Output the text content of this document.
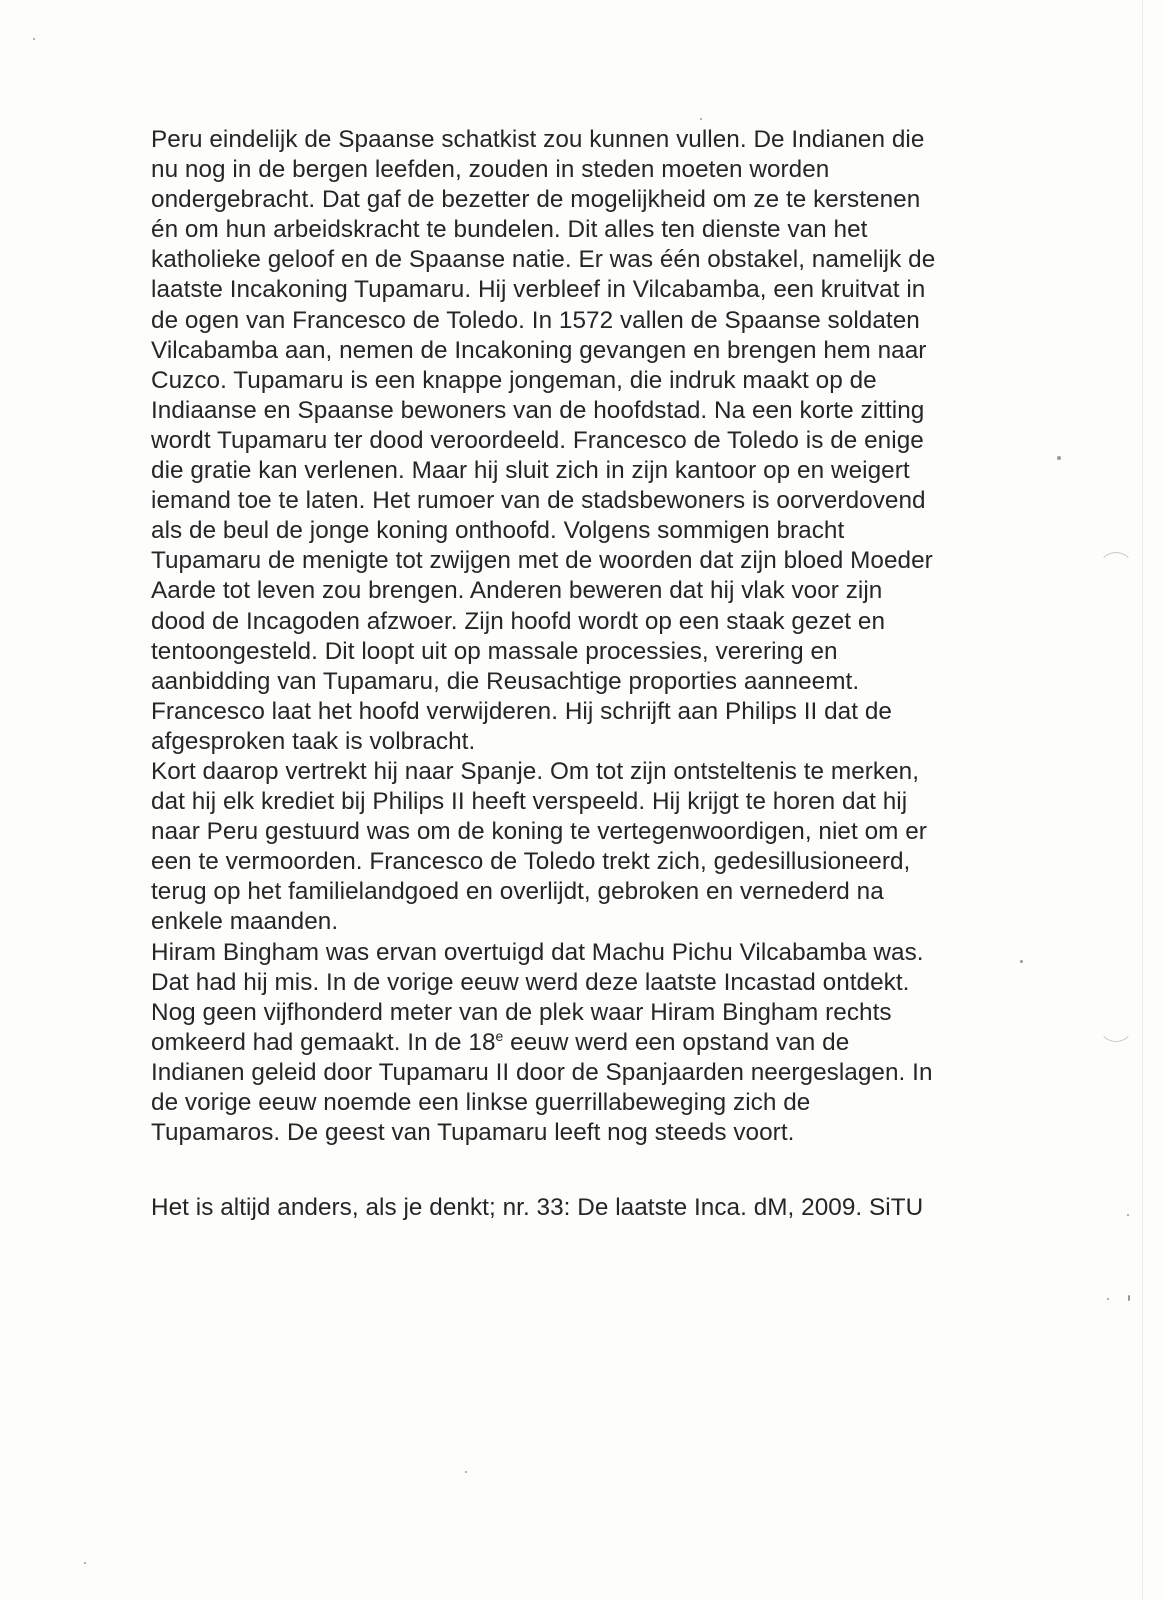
Peru eindelijk de Spaanse schatkist zou kunnen vullen. De Indianen die
nu nog in de bergen leefden, zouden in steden moeten worden
ondergebracht. Dat gaf de bezetter de mogelijkheid om ze te kerstenen
én om hun arbeidskracht te bundelen. Dit alles ten dienste van het
katholieke geloof en de Spaanse natie. Er was één obstakel, namelijk de
laatste Incakoning Tupamaru. Hij verbleef in Vilcabamba, een kruitvat in
de ogen van Francesco de Toledo. In 1572 vallen de Spaanse soldaten
Vilcabamba aan, nemen de Incakoning gevangen en brengen hem naar
Cuzco. Tupamaru is een knappe jongeman, die indruk maakt op de
Indiaanse en Spaanse bewoners van de hoofdstad. Na een korte zitting
wordt Tupamaru ter dood veroordeeld. Francesco de Toledo is de enige
die gratie kan verlenen. Maar hij sluit zich in zijn kantoor op en weigert
iemand toe te laten. Het rumoer van de stadsbewoners is oorverdovend
als de beul de jonge koning onthoofd. Volgens sommigen bracht
Tupamaru de menigte tot zwijgen met de woorden dat zijn bloed Moeder
Aarde tot leven zou brengen. Anderen beweren dat hij vlak voor zijn
dood de Incagoden afzwoer. Zijn hoofd wordt op een staak gezet en
tentoongesteld. Dit loopt uit op massale processies, verering en
aanbidding van Tupamaru, die Reusachtige proporties aanneemt.
Francesco laat het hoofd verwijderen. Hij schrijft aan Philips II dat de
afgesproken taak is volbracht.
Kort daarop vertrekt hij naar Spanje. Om tot zijn ontsteltenis te merken,
dat hij elk krediet bij Philips II heeft verspeeld. Hij krijgt te horen dat hij
naar Peru gestuurd was om de koning te vertegenwoordigen, niet om er
een te vermoorden. Francesco de Toledo trekt zich, gedesillusioneerd,
terug op het familielandgoed en overlijdt, gebroken en vernederd na
enkele maanden.
Hiram Bingham was ervan overtuigd dat Machu Pichu Vilcabamba was.
Dat had hij mis. In de vorige eeuw werd deze laatste Incastad ontdekt.
Nog geen vijfhonderd meter van de plek waar Hiram Bingham rechts
omkeerd had gemaakt. In de 18e eeuw werd een opstand van de
Indianen geleid door Tupamaru II door de Spanjaarden neergeslagen. In
de vorige eeuw noemde een linkse guerrillabeweging zich de
Tupamaros. De geest van Tupamaru leeft nog steeds voort.
Het is altijd anders, als je denkt; nr. 33: De laatste Inca. dM, 2009. SiTU
